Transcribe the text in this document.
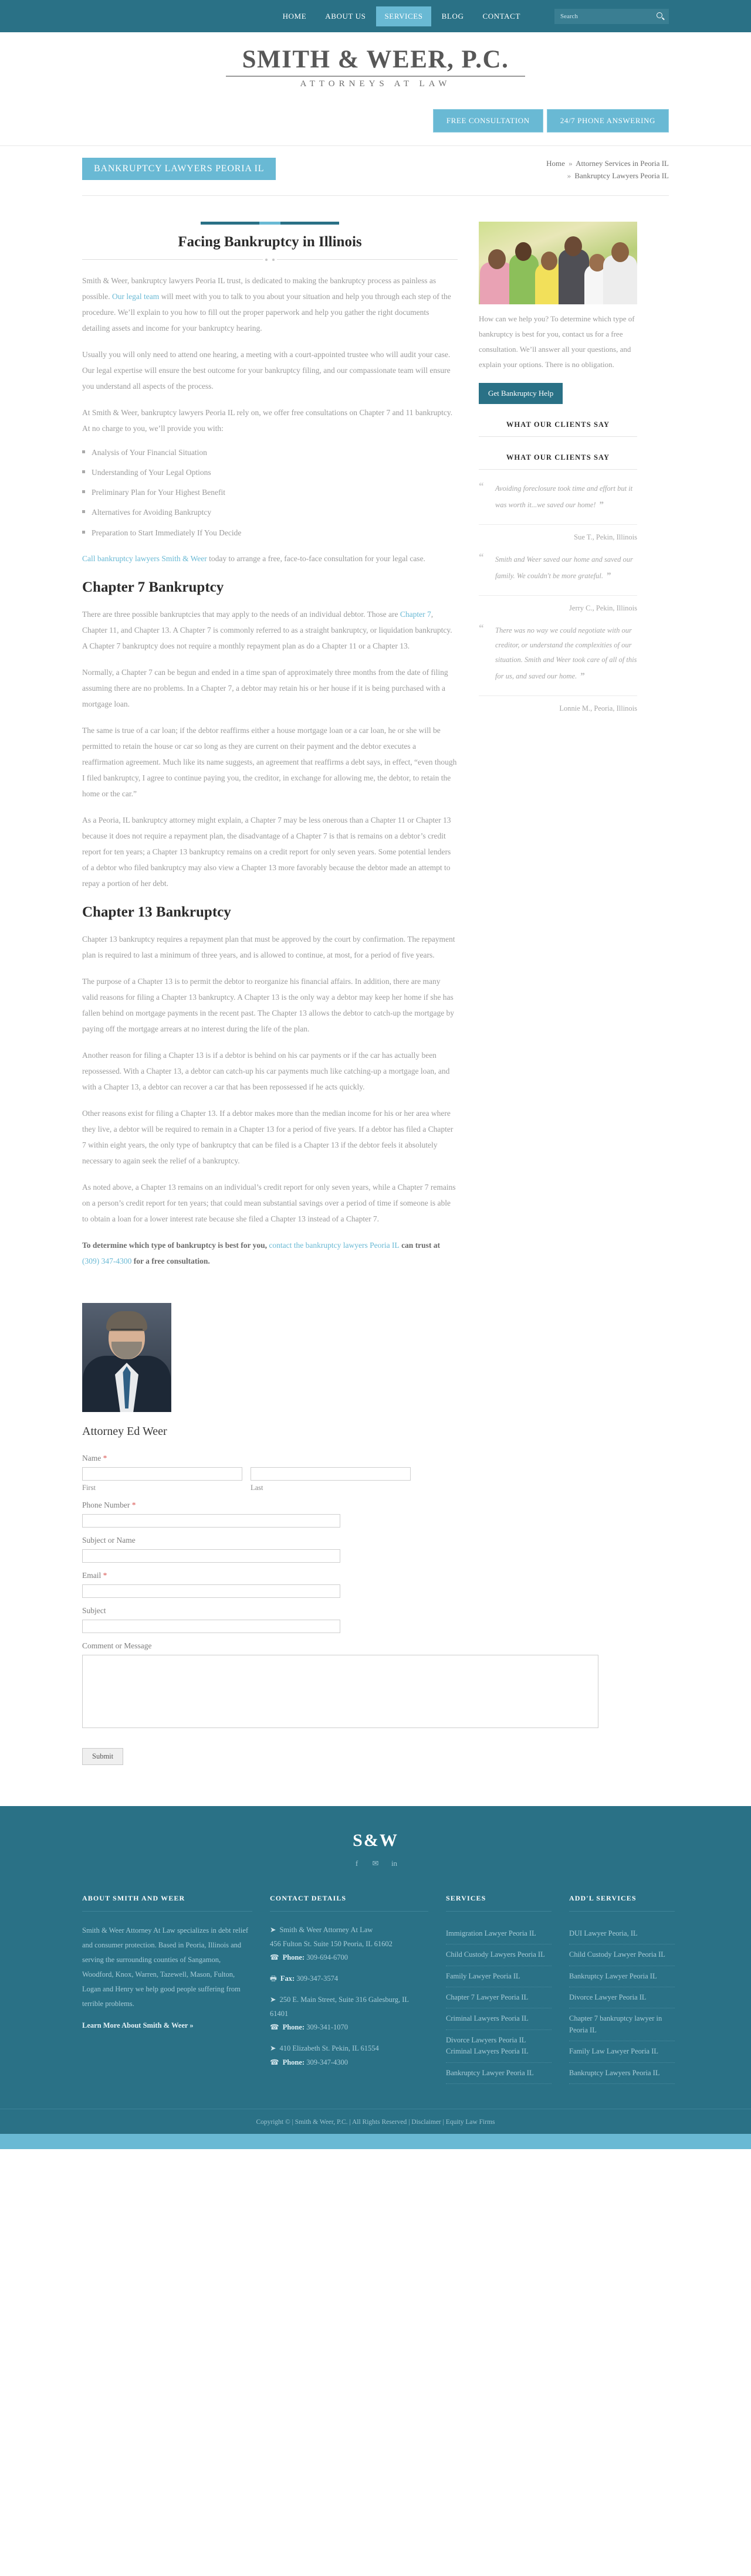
HOME	ABOUT US	SERVICES	BLOG	CONTACT
Search
SMITH & WEER, P.C.
ATTORNEYS AT LAW
FREE CONSULTATION	24/7 PHONE ANSWERING
BANKRUPTCY LAWYERS PEORIA IL
Home » Attorney Services in Peoria IL
» Bankruptcy Lawyers Peoria IL
Facing Bankruptcy in Illinois

Smith & Weer, bankruptcy lawyers Peoria IL trust, is dedicated to making the bankruptcy process as painless as possible. Our legal team will meet with you to talk to you about your situation and help you through each step of the procedure. We’ll explain to you how to fill out the proper paperwork and help you gather the right documents detailing assets and income for your bankruptcy hearing.

Usually you will only need to attend one hearing, a meeting with a court-appointed trustee who will audit your case. Our legal expertise will ensure the best outcome for your bankruptcy filing, and our compassionate team will ensure you understand all aspects of the process.

At Smith & Weer, bankruptcy lawyers Peoria IL rely on, we offer free consultations on Chapter 7 and 11 bankruptcy. At no charge to you, we’ll provide you with:

Analysis of Your Financial Situation
Understanding of Your Legal Options
Preliminary Plan for Your Highest Benefit
Alternatives for Avoiding Bankruptcy
Preparation to Start Immediately If You Decide

Call bankruptcy lawyers Smith & Weer today to arrange a free, face-to-face consultation for your legal case.

Chapter 7 Bankruptcy

There are three possible bankruptcies that may apply to the needs of an individual debtor. Those are Chapter 7, Chapter 11, and Chapter 13. A Chapter 7 is commonly referred to as a straight bankruptcy, or liquidation bankruptcy. A Chapter 7 bankruptcy does not require a monthly repayment plan as do a Chapter 11 or a Chapter 13.

Normally, a Chapter 7 can be begun and ended in a time span of approximately three months from the date of filing assuming there are no problems. In a Chapter 7, a debtor may retain his or her house if it is being purchased with a mortgage loan.

The same is true of a car loan; if the debtor reaffirms either a house mortgage loan or a car loan, he or she will be permitted to retain the house or car so long as they are current on their payment and the debtor executes a reaffirmation agreement. Much like its name suggests, an agreement that reaffirms a debt says, in effect, “even though I filed bankruptcy, I agree to continue paying you, the creditor, in exchange for allowing me, the debtor, to retain the home or the car.”

As a Peoria, IL bankruptcy attorney might explain, a Chapter 7 may be less onerous than a Chapter 11 or Chapter 13 because it does not require a repayment plan, the disadvantage of a Chapter 7 is that is remains on a debtor’s credit report for ten years; a Chapter 13 bankruptcy remains on a credit report for only seven years. Some potential lenders of a debtor who filed bankruptcy may also view a Chapter 13 more favorably because the debtor made an attempt to repay a portion of her debt.

Chapter 13 Bankruptcy

Chapter 13 bankruptcy requires a repayment plan that must be approved by the court by confirmation. The repayment plan is required to last a minimum of three years, and is allowed to continue, at most, for a period of five years.

The purpose of a Chapter 13 is to permit the debtor to reorganize his financial affairs. In addition, there are many valid reasons for filing a Chapter 13 bankruptcy. A Chapter 13 is the only way a debtor may keep her home if she has fallen behind on mortgage payments in the recent past. The Chapter 13 allows the debtor to catch-up the mortgage by paying off the mortgage arrears at no interest during the life of the plan.

Another reason for filing a Chapter 13 is if a debtor is behind on his car payments or if the car has actually been repossessed. With a Chapter 13, a debtor can catch-up his car payments much like catching-up a mortgage loan, and with a Chapter 13, a debtor can recover a car that has been repossessed if he acts quickly.

Other reasons exist for filing a Chapter 13. If a debtor makes more than the median income for his or her area where they live, a debtor will be required to remain in a Chapter 13 for a period of five years. If a debtor has filed a Chapter 7 within eight years, the only type of bankruptcy that can be filed is a Chapter 13 if the debtor feels it absolutely necessary to again seek the relief of a bankruptcy.

As noted above, a Chapter 13 remains on an individual’s credit report for only seven years, while a Chapter 7 remains on a person’s credit report for ten years; that could mean substantial savings over a period of time if someone is able to obtain a loan for a lower interest rate because she filed a Chapter 13 instead of a Chapter 7.

To determine which type of bankruptcy is best for you, contact the bankruptcy lawyers Peoria IL can trust at (309) 347-4300 for a free consultation.

How can we help you? To determine which type of bankruptcy is best for you, contact us for a free consultation. We’ll answer all your questions, and explain your options. There is no obligation.

Get Bankruptcy Help
WHAT OUR CLIENTS SAY
WHAT OUR CLIENTS SAY
“	Avoiding foreclosure took time and effort but it was worth it...we saved our home! ”

Sue T., Pekin, Illinois
“	Smith and Weer saved our home and saved our family. We couldn't be more grateful. ”

Jerry C., Pekin, Illinois
“	There was no way we could negotiate with our creditor, or understand the complexities of our situation. Smith and Weer took care of all of this for us, and saved our home. ”

Lonnie M., Peoria, Illinois
Attorney Ed Weer
Name *
First	Last
Phone Number *
Subject or Name
Email *
Subject
Comment or Message
Submit
S&W
f	✉ in
ABOUT SMITH AND WEER

Smith & Weer Attorney At Law specializes in debt relief and consumer protection. Based in Peoria, Illinois and serving the surrounding counties of Sangamon, Woodford, Knox, Warren, Tazewell, Mason, Fulton, Logan and Henry we help good people suffering from terrible problems.

Learn More About Smith & Weer »
CONTACT DETAILS
➤ Smith & Weer Attorney At Law
456 Fulton St. Suite 150 Peoria, IL 61602
☎ Phone: 309-694-6700
🖶 Fax: 309-347-3574
➤ 250 E. Main Street, Suite 316 Galesburg, IL
61401
☎ Phone: 309-341-1070
➤ 410 Elizabeth St. Pekin, IL 61554
☎ Phone: 309-347-4300
SERVICES
Immigration Lawyer Peoria IL
Child Custody Lawyers Peoria IL
Family Lawyer Peoria IL
Chapter 7 Lawyer Peoria IL
Criminal Lawyers Peoria IL
Divorce Lawyers Peoria IL Criminal Lawyers Peoria IL
Bankruptcy Lawyer Peoria IL
ADD'L SERVICES
DUI Lawyer Peoria, IL
Child Custody Lawyer Peoria IL
Bankruptcy Lawyer Peoria IL
Divorce Lawyer Peoria IL
Chapter 7 bankruptcy lawyer in Peoria IL
Family Law Lawyer Peoria IL
Bankruptcy Lawyers Peoria IL
Copyright © | Smith & Weer, P.C. | All Rights Reserved | Disclaimer | Equity Law Firms
